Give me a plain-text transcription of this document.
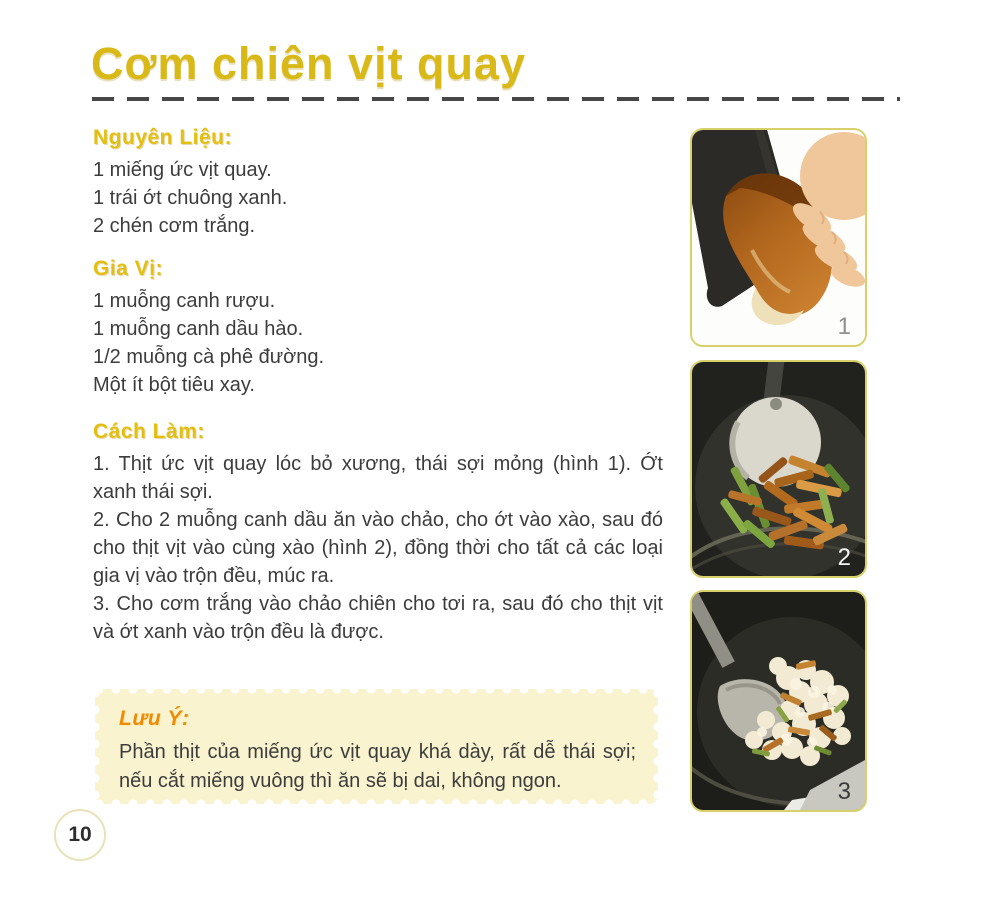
Cơm chiên vịt quay
Nguyên Liệu:
1 miếng ức vịt quay.
1 trái ớt chuông xanh.
2 chén cơm trắng.
Gia Vị:
1 muỗng canh rượu.
1 muỗng canh dầu hào.
1/2 muỗng cà phê đường.
Một ít bột tiêu xay.
Cách Làm:
1. Thịt ức vịt quay lóc bỏ xương, thái sợi mỏng (hình 1). Ớt xanh thái sợi.
2. Cho 2 muỗng canh dầu ăn vào chảo, cho ớt vào xào, sau đó cho thịt vịt vào cùng xào (hình 2), đồng thời cho tất cả các loại gia vị vào trộn đều, múc ra.
3. Cho cơm trắng vào chảo chiên cho tơi ra, sau đó cho thịt vịt và ớt xanh vào trộn đều là được.
Lưu Ý:
Phần thịt của miếng ức vịt quay khá dày, rất dễ thái sợi; nếu cắt miếng vuông thì ăn sẽ bị dai, không ngon.
1
2
3
10
